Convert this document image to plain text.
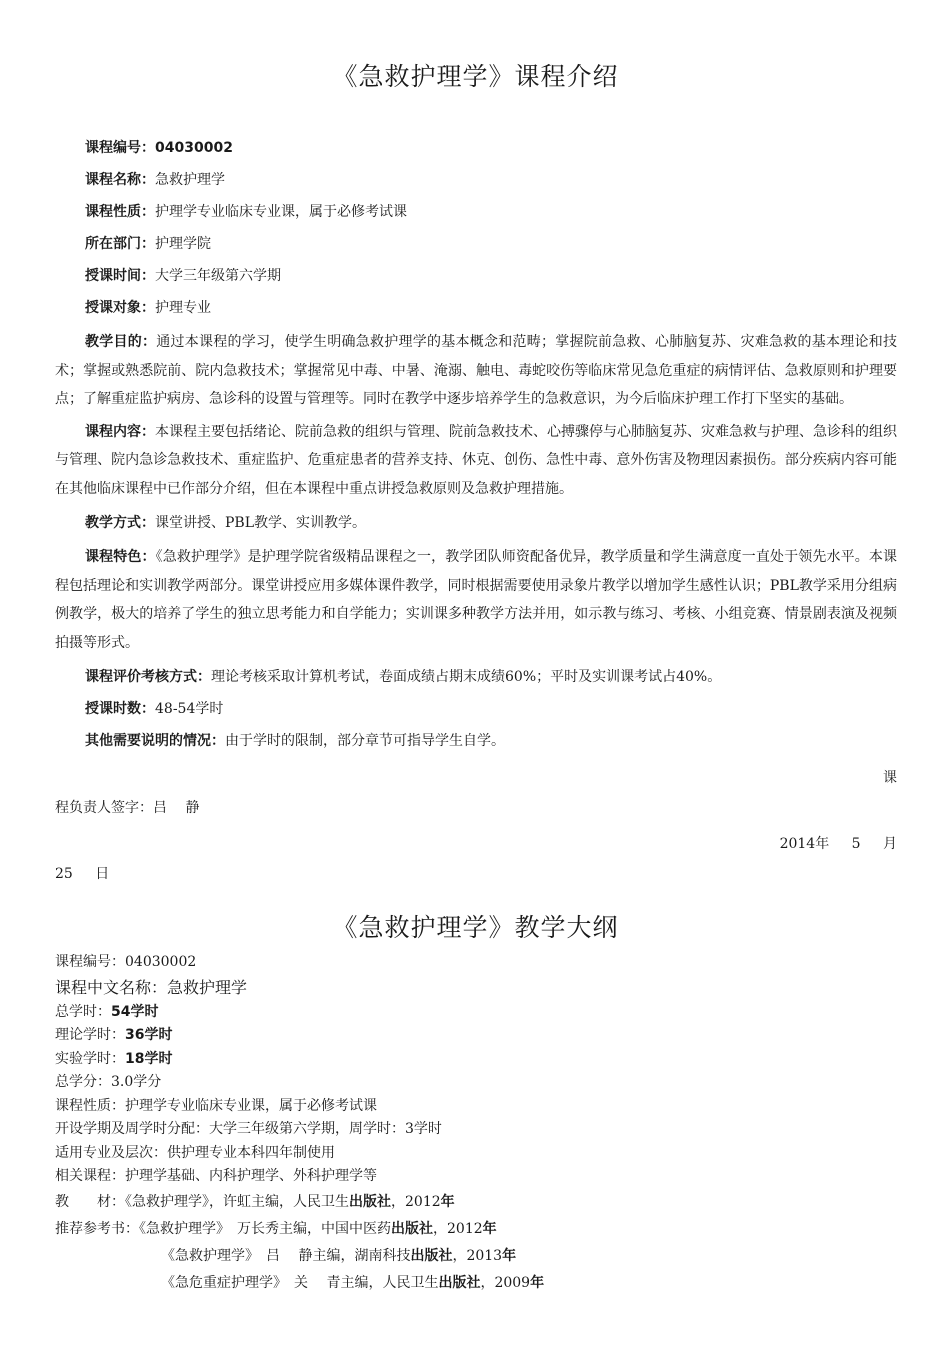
《急救护理学》课程介绍
课程编号：04030002
课程名称：急救护理学
课程性质：护理学专业临床专业课，属于必修考试课
所在部门：护理学院
授课时间：大学三年级第六学期
授课对象：护理专业
教学目的：通过本课程的学习，使学生明确急救护理学的基本概念和范畴；掌握院前急救、心肺脑复苏、灾难急救的基本理论和技术；掌握或熟悉院前、院内急救技术；掌握常见中毒、中暑、淹溺、触电、毒蛇咬伤等临床常见急危重症的病情评估、急救原则和护理要点；了解重症监护病房、急诊科的设置与管理等。同时在教学中逐步培养学生的急救意识，为今后临床护理工作打下坚实的基础。
课程内容：本课程主要包括绪论、院前急救的组织与管理、院前急救技术、心搏骤停与心肺脑复苏、灾难急救与护理、急诊科的组织与管理、院内急诊急救技术、重症监护、危重症患者的营养支持、休克、创伤、急性中毒、意外伤害及物理因素损伤。部分疾病内容可能在其他临床课程中已作部分介绍，但在本课程中重点讲授急救原则及急救护理措施。
教学方式：课堂讲授、PBL教学、实训教学。
课程特色：《急救护理学》是护理学院省级精品课程之一，教学团队师资配备优异，教学质量和学生满意度一直处于领先水平。本课程包括理论和实训教学两部分。课堂讲授应用多媒体课件教学，同时根据需要使用录象片教学以增加学生感性认识；PBL教学采用分组病例教学，极大的培养了学生的独立思考能力和自学能力；实训课多种教学方法并用，如示教与练习、考核、小组竞赛、情景剧表演及视频拍摄等形式。
课程评价考核方式：理论考核采取计算机考试，卷面成绩占期末成绩60%；平时及实训课考试占40%。
授课时数：48-54学时
其他需要说明的情况：由于学时的限制，部分章节可指导学生自学。
课
程负责人签字：吕　 静
2014年 5 月
25 日
《急救护理学》教学大纲
课程编号：04030002
课程中文名称：急救护理学
总学时：54学时
理论学时：36学时
实验学时：18学时
总学分：3.0学分
课程性质：护理学专业临床专业课，属于必修考试课
开设学期及周学时分配：大学三年级第六学期，周学时：3学时
适用专业及层次：供护理专业本科四年制使用
相关课程：护理学基础、内科护理学、外科护理学等
教　　材：《急救护理学》，许虹主编，人民卫生出版社，2012年
推荐参考书：《急救护理学》　万长秀主编，中国中医药出版社，2012年
《急救护理学》　吕　 静主编，湖南科技出版社，2013年
《急危重症护理学》　关　 青主编，人民卫生出版社，2009年
